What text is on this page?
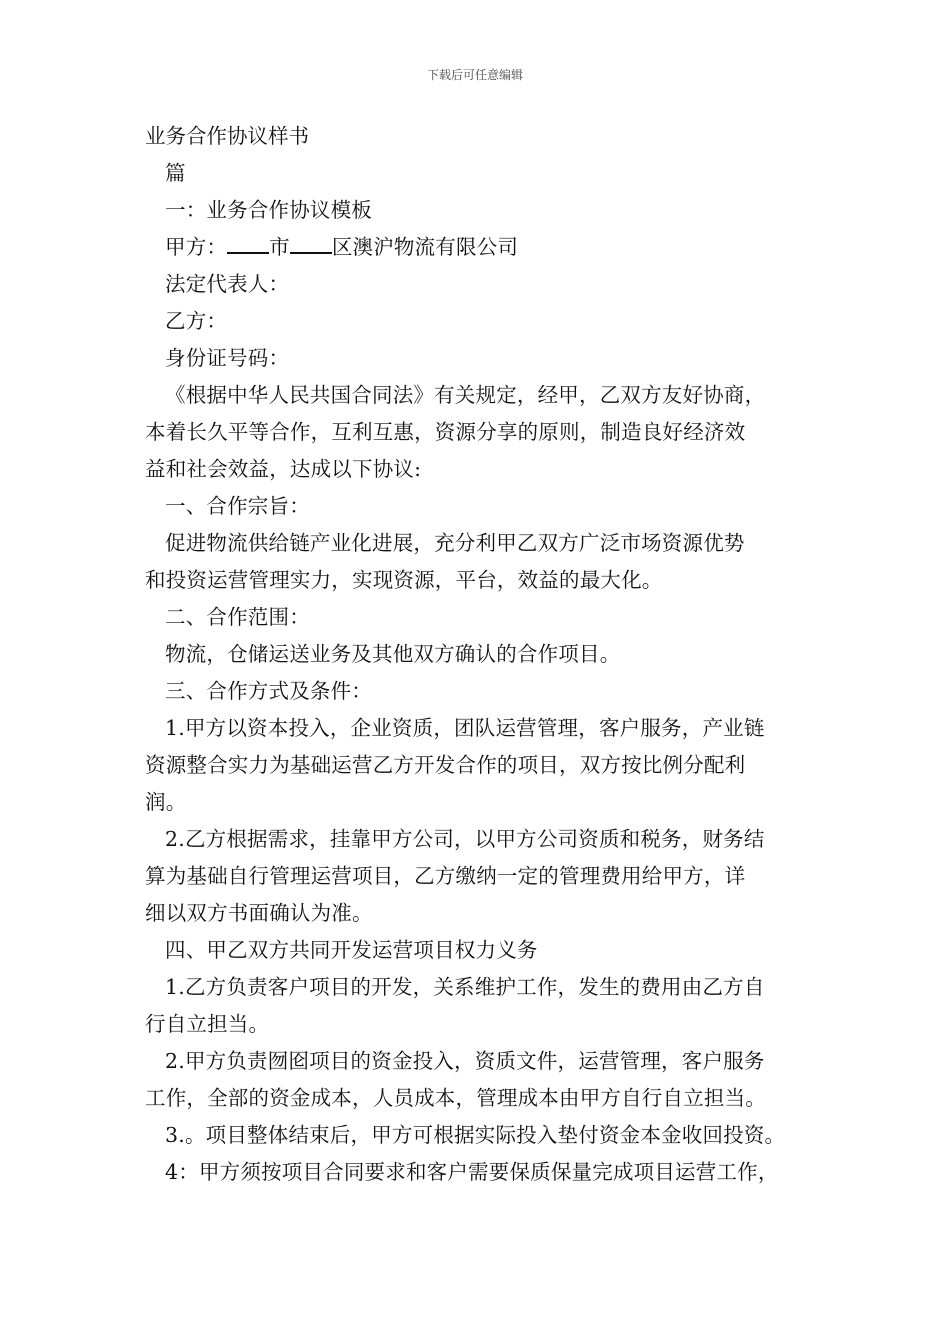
下载后可任意编辑
业务合作协议样书
篇
一：业务合作协议模板
甲方： 市 区澳沪物流有限公司
法定代表人：
乙方：
身份证号码：
《根据中华人民共国合同法》有关规定，经甲，乙双方友好协商，
本着长久平等合作，互利互惠，资源分享的原则，制造良好经济效
益和社会效益，达成以下协议:
一、合作宗旨：
促进物流供给链产业化进展，充分利甲乙双方广泛市场资源优势
和投资运营管理实力，实现资源，平台，效益的最大化。
二、合作范围：
物流，仓储运送业务及其他双方确认的合作项目。
三、合作方式及条件：
1.甲方以资本投入，企业资质，团队运营管理，客户服务，产业链
资源整合实力为基础运营乙方开发合作的项目，双方按比例分配利
润。
2.乙方根据需求，挂靠甲方公司，以甲方公司资质和税务，财务结
算为基础自行管理运营项目，乙方缴纳一定的管理费用给甲方，详
细以双方书面确认为准。
四、甲乙双方共同开发运营项目权力义务
1.乙方负责客户项目的开发，关系维护工作，发生的费用由乙方自
行自立担当。
2.甲方负责囫囵项目的资金投入，资质文件，运营管理，客户服务
工作，全部的资金成本，人员成本，管理成本由甲方自行自立担当。
3.。项目整体结束后，甲方可根据实际投入垫付资金本金收回投资。
4：甲方须按项目合同要求和客户需要保质保量完成项目运营工作，
